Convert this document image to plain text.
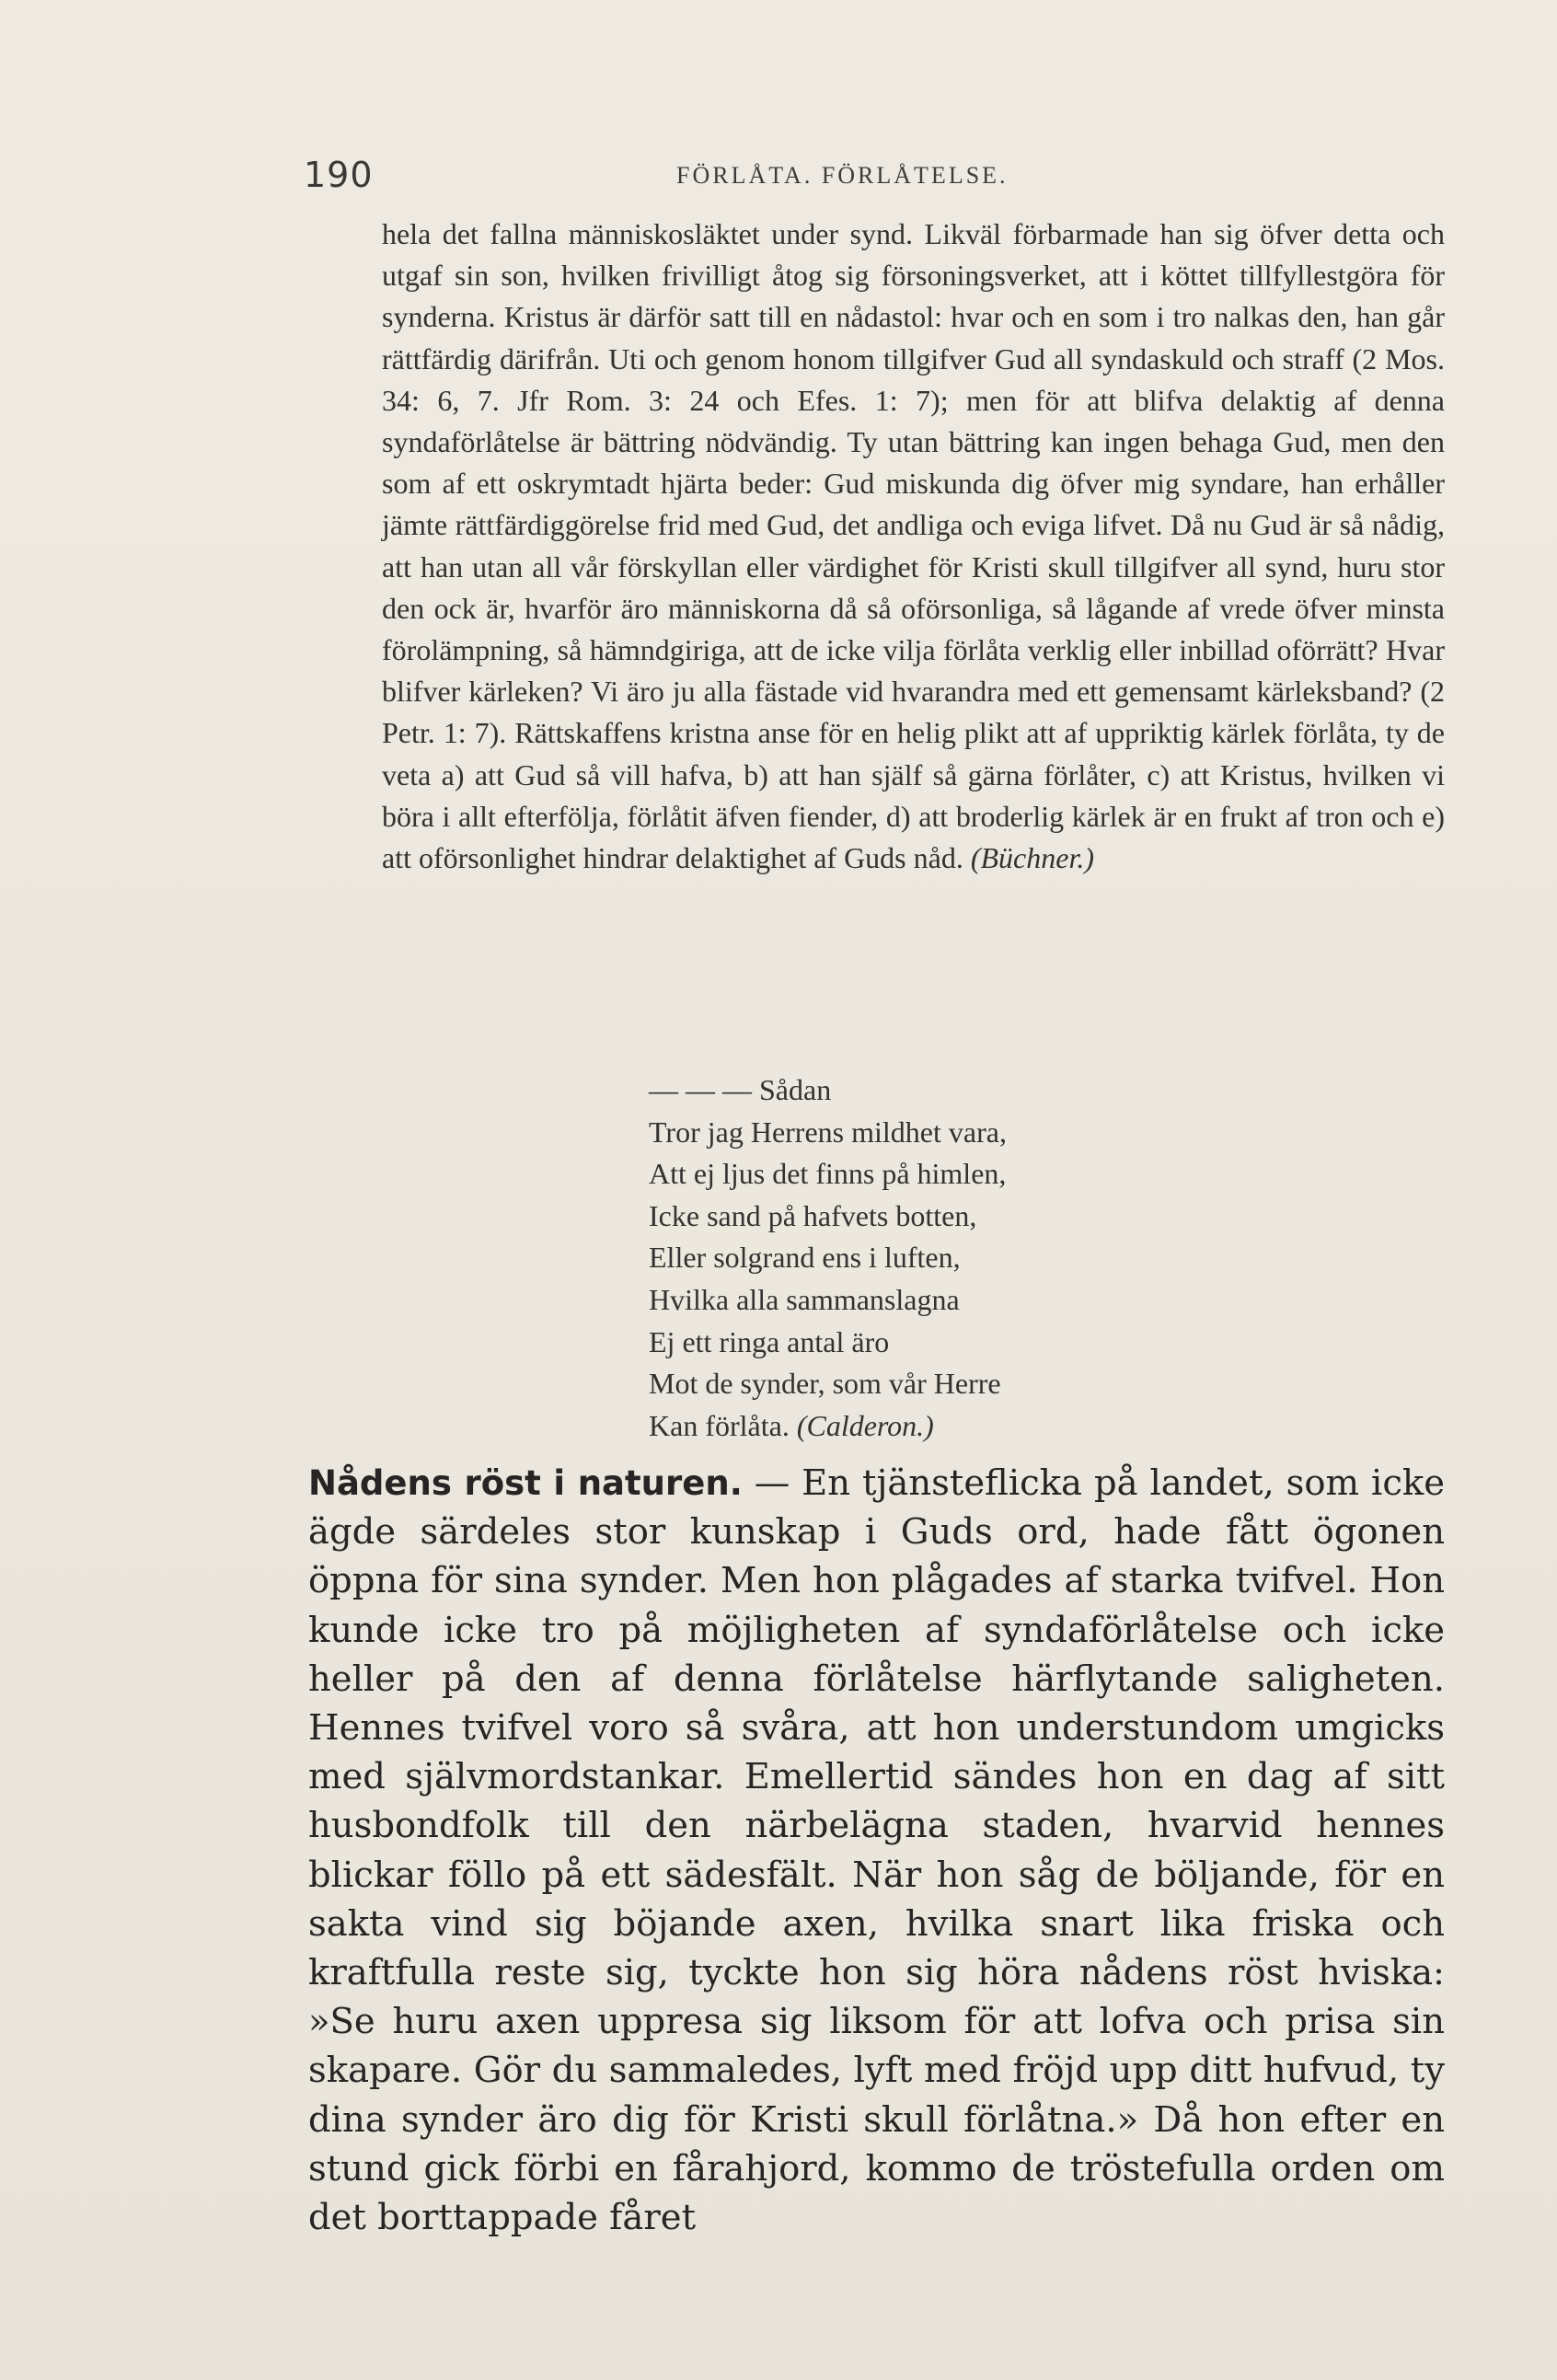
190	FÖRLÅTA. FÖRLÅTELSE.

hela det fallna människosläktet under synd. Likväl förbarmade han sig öfver detta och utgaf sin son, hvilken frivilligt åtog sig försoningsverket, att i köttet tillfyllestgöra för synderna. Kristus är därför satt till en nådastol: hvar och en som i tro nalkas den, han går rättfärdig därifrån. Uti och genom honom tillgifver Gud all syndaskuld och straff (2 Mos. 34: 6, 7. Jfr Rom. 3: 24 och Efes. 1: 7); men för att blifva delaktig af denna syndaförlåtelse är bättring nödvändig. Ty utan bättring kan ingen behaga Gud, men den som af ett oskrymtadt hjärta beder: Gud miskunda dig öfver mig syndare, han erhåller jämte rättfärdiggörelse frid med Gud, det andliga och eviga lifvet. Då nu Gud är så nådig, att han utan all vår förskyllan eller värdighet för Kristi skull tillgifver all synd, huru stor den ock är, hvarför äro människorna då så oförsonliga, så lågande af vrede öfver minsta förolämpning, så hämndgiriga, att de icke vilja förlåta verklig eller inbillad oförrätt? Hvar blifver kärleken? Vi äro ju alla fästade vid hvarandra med ett gemensamt kärleksband? (2 Petr. 1: 7). Rättskaffens kristna anse för en helig plikt att af uppriktig kärlek förlåta, ty de veta a) att Gud så vill hafva, b) att han själf så gärna förlåter, c) att Kristus, hvilken vi böra i allt efterfölja, förlåtit äfven fiender, d) att broderlig kärlek är en frukt af tron och e) att oförsonlighet hindrar delaktighet af Guds nåd. (Büchner.)

— — — Sådan
Tror jag Herrens mildhet vara,
Att ej ljus det finns på himlen,
Icke sand på hafvets botten,
Eller solgrand ens i luften,
Hvilka alla sammanslagna
Ej ett ringa antal äro
Mot de synder, som vår Herre
Kan förlåta. (Calderon.)

Nådens röst i naturen. — En tjänsteflicka på landet, som icke ägde särdeles stor kunskap i Guds ord, hade fått ögonen öppna för sina synder. Men hon plågades af starka tvifvel. Hon kunde icke tro på möjligheten af syndaförlåtelse och icke heller på den af denna förlåtelse härflytande saligheten. Hennes tvifvel voro så svåra, att hon understundom umgicks med självmordstankar. Emellertid sändes hon en dag af sitt husbondfolk till den närbelägna staden, hvarvid hennes blickar föllo på ett sädesfält. När hon såg de böljande, för en sakta vind sig böjande axen, hvilka snart lika friska och kraftfulla reste sig, tyckte hon sig höra nådens röst hviska: »Se huru axen uppresa sig liksom för att lofva och prisa sin skapare. Gör du sammaledes, lyft med fröjd upp ditt hufvud, ty dina synder äro dig för Kristi skull förlåtna.» Då hon efter en stund gick förbi en fårahjord, kommo de tröstefulla orden om det borttappade fåret
